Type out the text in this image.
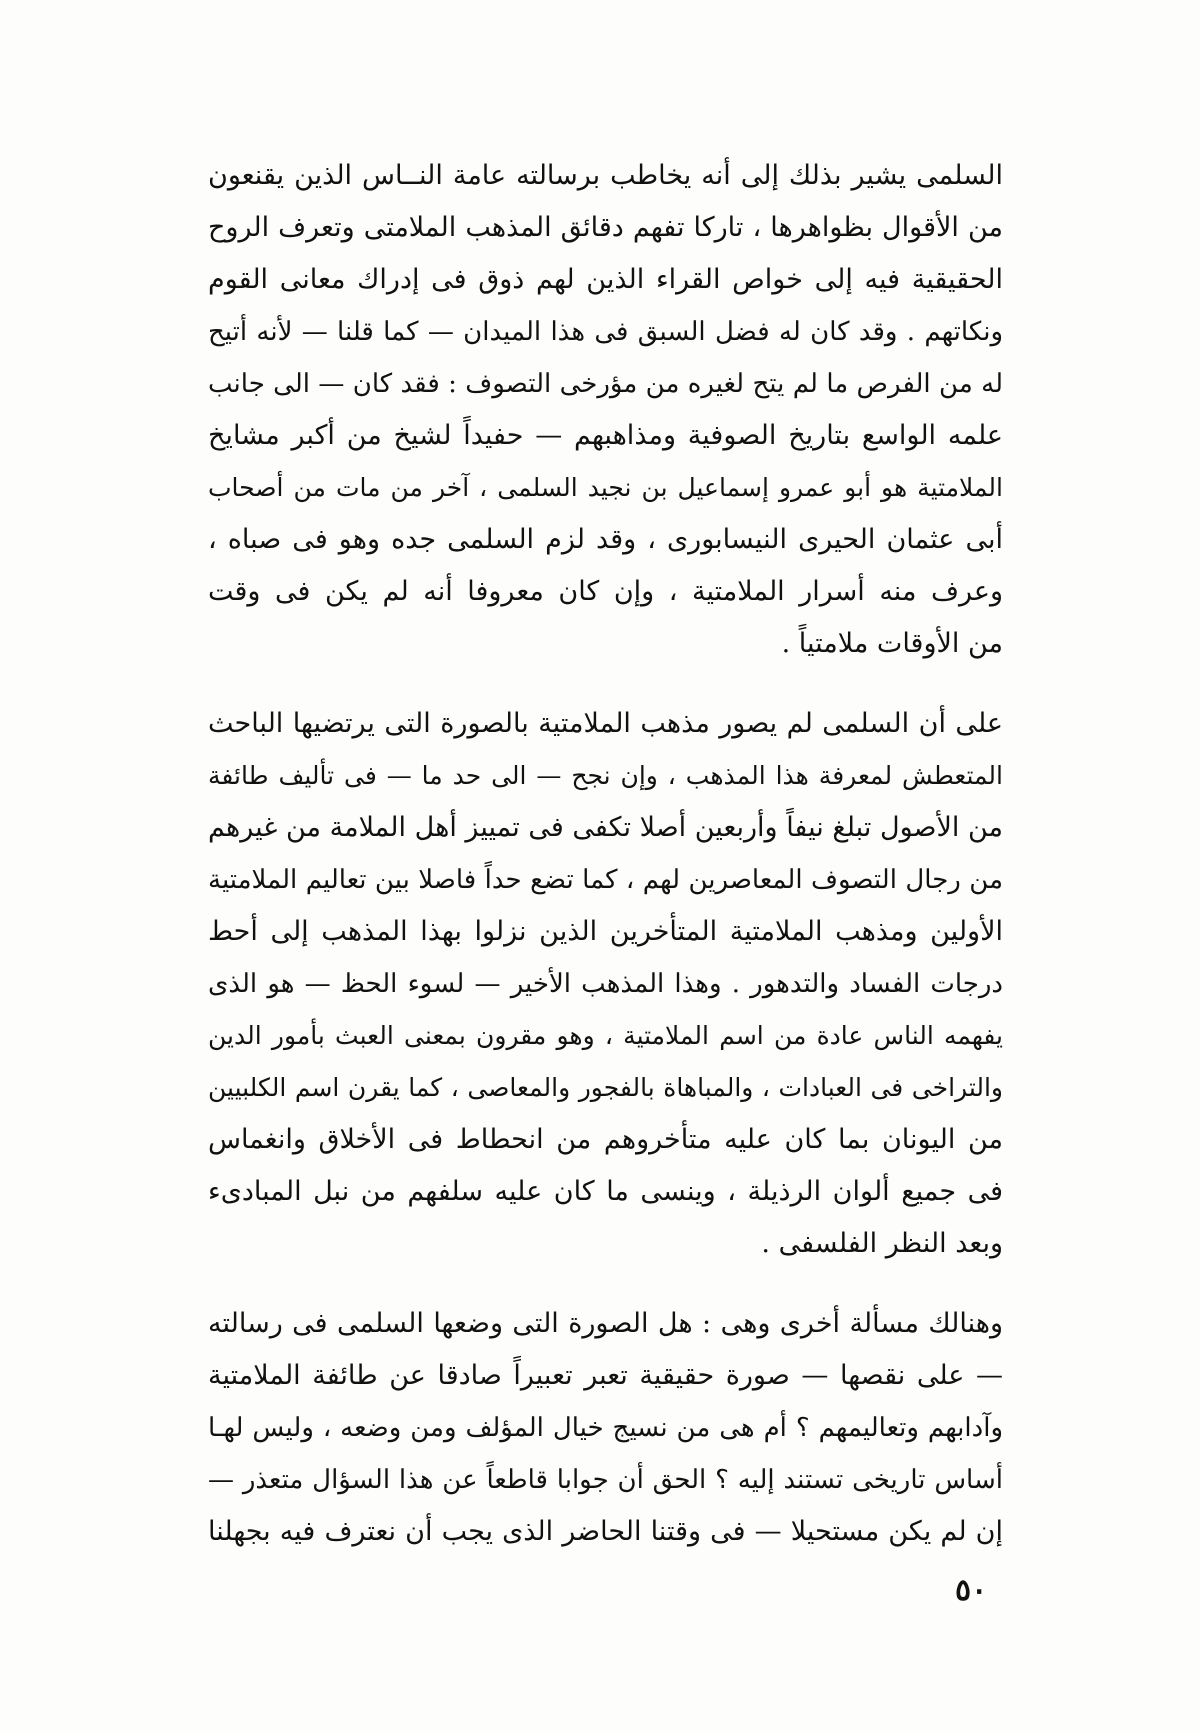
السلمى يشير بذلك إلى أنه يخاطب برسالته عامة النــاس الذين يقنعون
من الأقوال بظواهرها ، تاركا تفهم دقائق المذهب الملامتى وتعرف الروح
الحقيقية فيه إلى خواص القراء الذين لهم ذوق فى إدراك معانى القوم
ونكاتهم . وقد كان له فضل السبق فى هذا الميدان — كما قلنا — لأنه أتيح
له من الفرص ما لم يتح لغيره من مؤرخى التصوف : فقد كان — الى جانب
علمه الواسع بتاريخ الصوفية ومذاهبهم — حفيداً لشيخ من أكبر مشايخ
الملامتية هو أبو عمرو إسماعيل بن نجيد السلمى ، آخر من مات من أصحاب
أبى عثمان الحيرى النيسابورى ، وقد لزم السلمى جده وهو فى صباه ،
وعرف منه أسرار الملامتية ، وإن كان معروفا أنه لم يكن فى وقت
من الأوقات ملامتياً .
على أن السلمى لم يصور مذهب الملامتية بالصورة التى يرتضيها الباحث
المتعطش لمعرفة هذا المذهب ، وإن نجح — الى حد ما — فى تأليف طائفة
من الأصول تبلغ نيفاً وأربعين أصلا تكفى فى تمييز أهل الملامة من غيرهم
من رجال التصوف المعاصرين لهم ، كما تضع حداً فاصلا بين تعاليم الملامتية
الأولين ومذهب الملامتية المتأخرين الذين نزلوا بهذا المذهب إلى أحط
درجات الفساد والتدهور . وهذا المذهب الأخير — لسوء الحظ — هو الذى
يفهمه الناس عادة من اسم الملامتية ، وهو مقرون بمعنى العبث بأمور الدين
والتراخى فى العبادات ، والمباهاة بالفجور والمعاصى ، كما يقرن اسم الكلبيين
من اليونان بما كان عليه متأخروهم من انحطاط فى الأخلاق وانغماس
فى جميع ألوان الرذيلة ، وينسى ما كان عليه سلفهم من نبل المبادىء
وبعد النظر الفلسفى .
وهنالك مسألة أخرى وهى : هل الصورة التى وضعها السلمى فى رسالته
— على نقصها — صورة حقيقية تعبر تعبيراً صادقا عن طائفة الملامتية
وآدابهم وتعاليمهم ؟ أم هى من نسيج خيال المؤلف ومن وضعه ، وليس لهـا
أساس تاريخى تستند إليه ؟ الحق أن جوابا قاطعاً عن هذا السؤال متعذر —
إن لم يكن مستحيلا — فى وقتنا الحاضر الذى يجب أن نعترف فيه بجهلنا
٥٠
